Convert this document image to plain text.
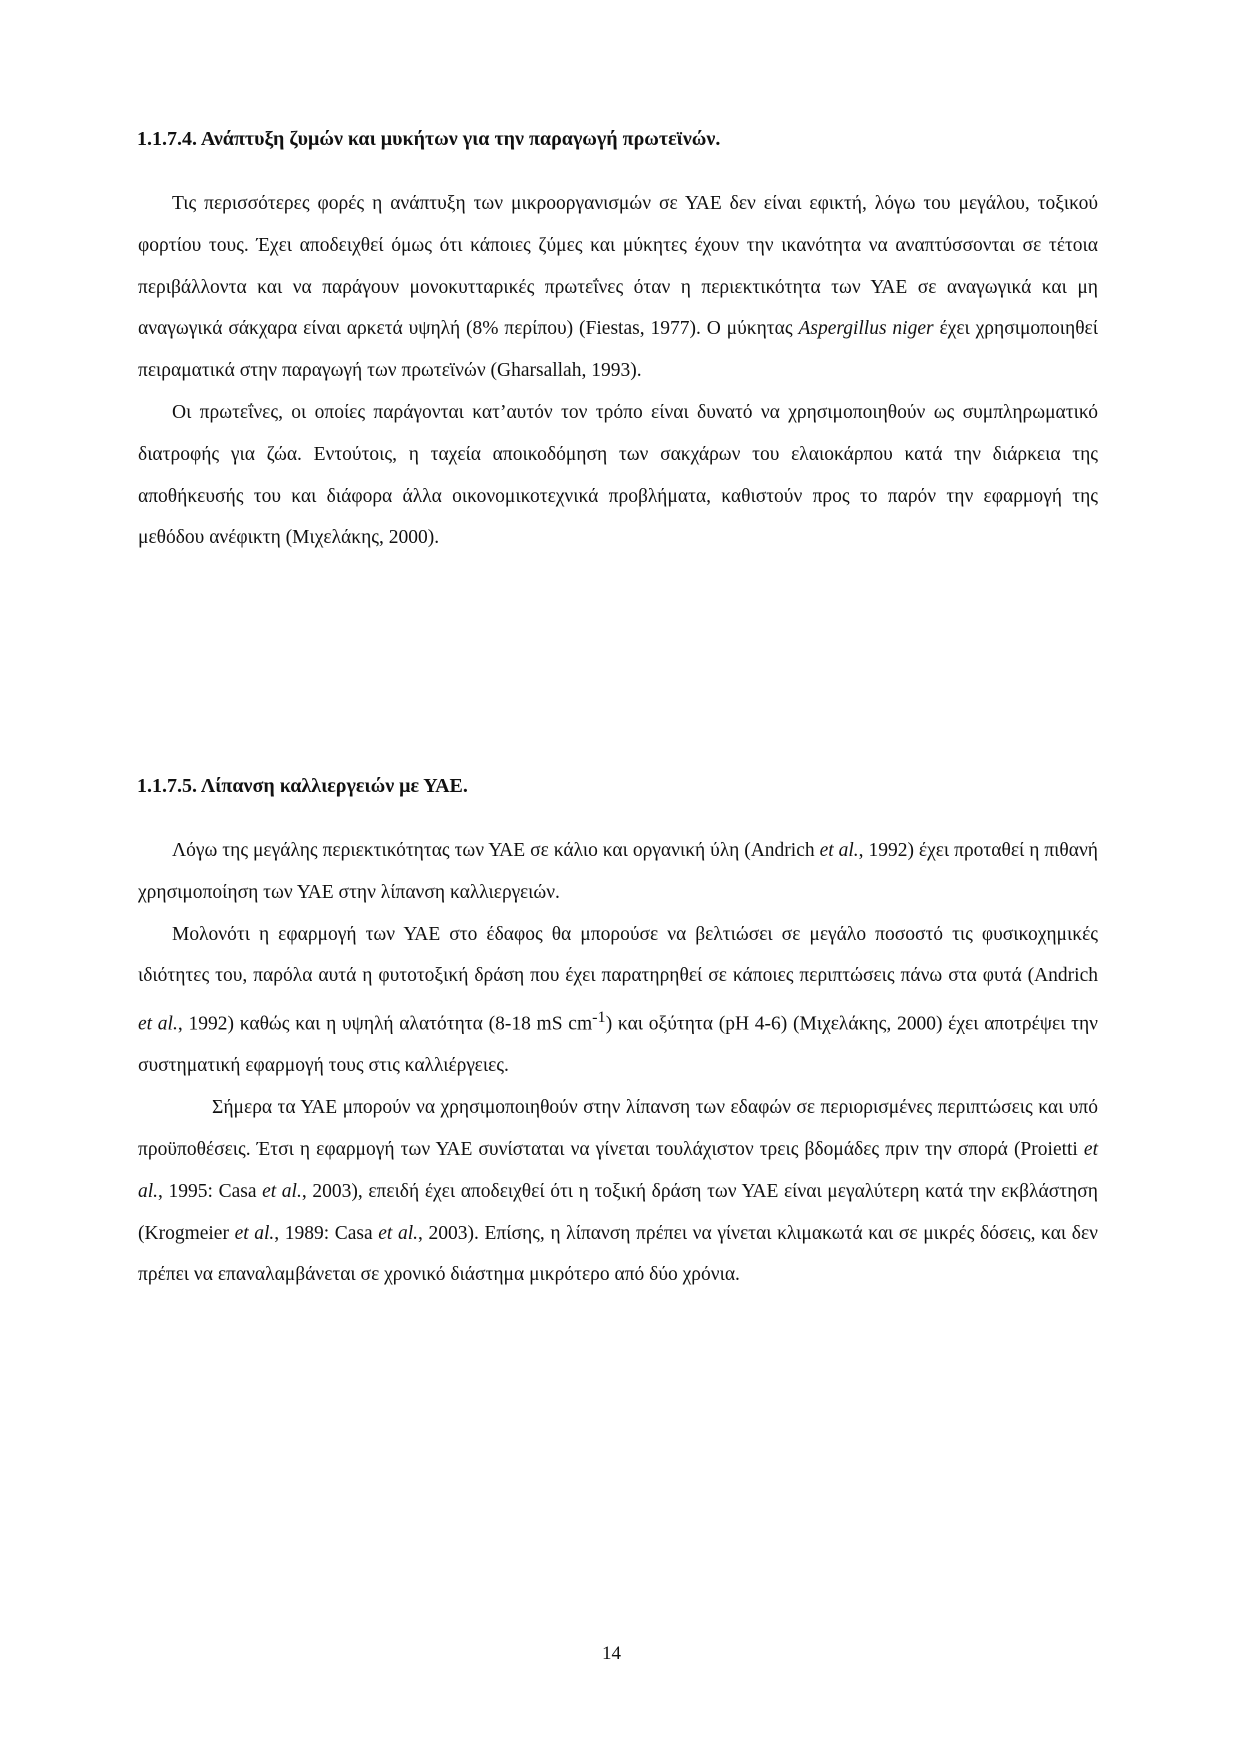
1.1.7.4. Ανάπτυξη ζυμών και μυκήτων για την παραγωγή πρωτεϊνών.

Τις περισσότερες φορές η ανάπτυξη των μικροοργανισμών σε ΥΑΕ δεν είναι εφικτή, λόγω του μεγάλου, τοξικού φορτίου τους. Έχει αποδειχθεί όμως ότι κάποιες ζύμες και μύκητες έχουν την ικανότητα να αναπτύσσονται σε τέτοια περιβάλλοντα και να παράγουν μονοκυτταρικές πρωτεΐνες όταν η περιεκτικότητα των ΥΑΕ σε αναγωγικά και μη αναγωγικά σάκχαρα είναι αρκετά υψηλή (8% περίπου) (Fiestas, 1977). Ο μύκητας Aspergillus niger έχει χρησιμοποιηθεί πειραματικά στην παραγωγή των πρωτεϊνών (Gharsallah, 1993).
Οι πρωτεΐνες, οι οποίες παράγονται κατ’αυτόν τον τρόπο είναι δυνατό να χρησιμοποιηθούν ως συμπληρωματικό διατροφής για ζώα. Εντούτοις, η ταχεία αποικοδόμηση των σακχάρων του ελαιοκάρπου κατά την διάρκεια της αποθήκευσής του και διάφορα άλλα οικονομικοτεχνικά προβλήματα, καθιστούν προς το παρόν την εφαρμογή της μεθόδου ανέφικτη (Μιχελάκης, 2000).

1.1.7.5. Λίπανση καλλιεργειών με ΥΑΕ.

Λόγω της μεγάλης περιεκτικότητας των ΥΑΕ σε κάλιο και οργανική ύλη (Andrich et al., 1992) έχει προταθεί η πιθανή χρησιμοποίηση των ΥΑΕ στην λίπανση καλλιεργειών.
Μολονότι η εφαρμογή των ΥΑΕ στο έδαφος θα μπορούσε να βελτιώσει σε μεγάλο ποσοστό τις φυσικοχημικές ιδιότητες του, παρόλα αυτά η φυτοτοξική δράση που έχει παρατηρηθεί σε κάποιες περιπτώσεις πάνω στα φυτά (Andrich et al., 1992) καθώς και η υψηλή αλατότητα (8-18 mS $cm^{-1}$) και οξύτητα (pH 4-6) (Μιχελάκης, 2000) έχει αποτρέψει την συστηματική εφαρμογή τους στις καλλιέργειες.
Σήμερα τα ΥΑΕ μπορούν να χρησιμοποιηθούν στην λίπανση των εδαφών σε περιορισμένες περιπτώσεις και υπό προϋποθέσεις. Έτσι η εφαρμογή των ΥΑΕ συνίσταται να γίνεται τουλάχιστον τρεις βδομάδες πριν την σπορά (Proietti et al., 1995: Casa et al., 2003), επειδή έχει αποδειχθεί ότι η τοξική δράση των ΥΑΕ είναι μεγαλύτερη κατά την εκβλάστηση (Krogmeier et al., 1989: Casa et al., 2003). Επίσης, η λίπανση πρέπει να γίνεται κλιμακωτά και σε μικρές δόσεις, και δεν πρέπει να επαναλαμβάνεται σε χρονικό διάστημα μικρότερο από δύο χρόνια.

14
